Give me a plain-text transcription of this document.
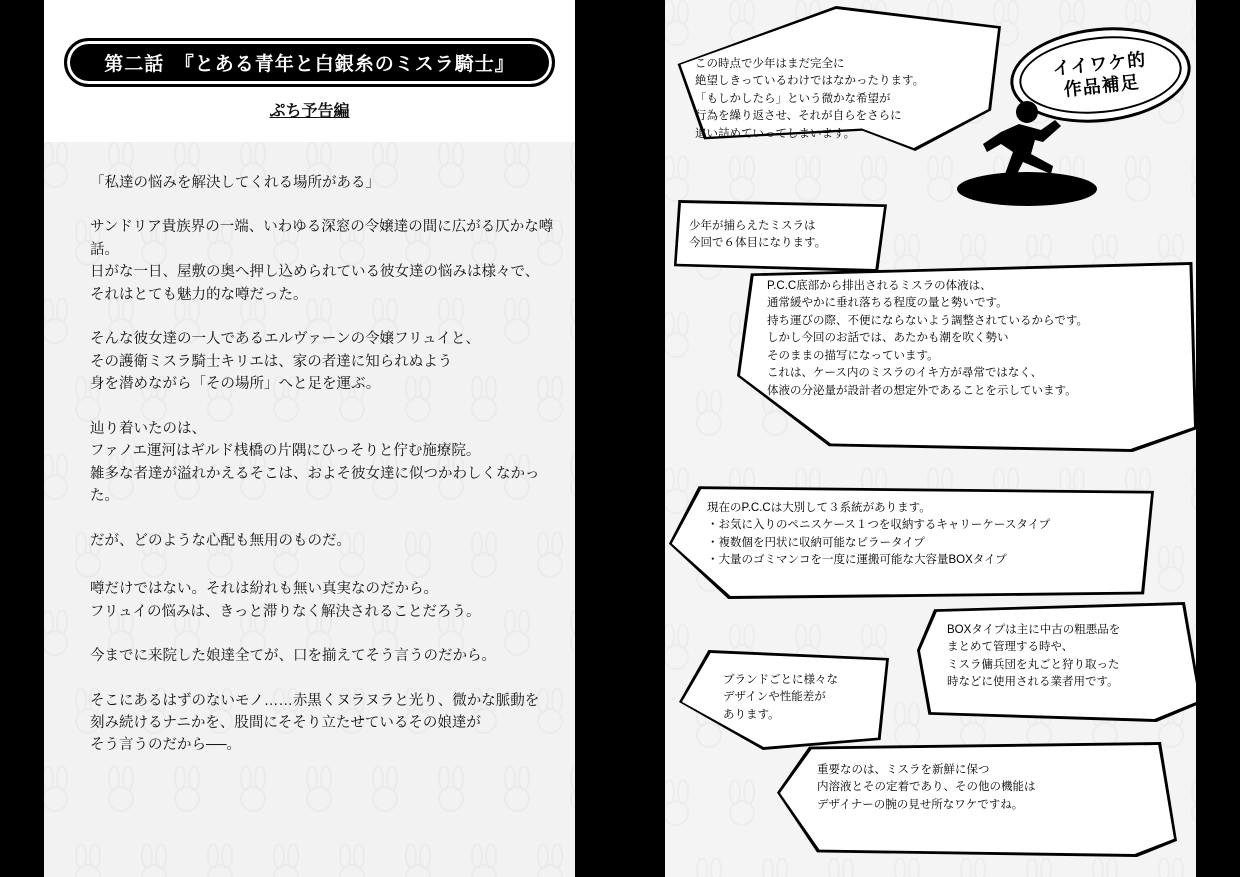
第二話　『とある青年と白銀糸のミスラ騎士』
ぷち予告編

「私達の悩みを解決してくれる場所がある」

サンドリア貴族界の一端、いわゆる深窓の令嬢達の間に広がる仄かな噂話。
日がな一日、屋敷の奥へ押し込められている彼女達の悩みは様々で、
それはとても魅力的な噂だった。

そんな彼女達の一人であるエルヴァーンの令嬢フリュイと、
その護衛ミスラ騎士キリエは、家の者達に知られぬよう
身を潜めながら「その場所」へと足を運ぶ。

辿り着いたのは、
ファノエ運河はギルド桟橋の片隅にひっそりと佇む施療院。
雑多な者達が溢れかえるそこは、およそ彼女達に似つかわしくなかった。

だが、どのような心配も無用のものだ。

噂だけではない。それは紛れも無い真実なのだから。
フリュイの悩みは、きっと滞りなく解決されることだろう。

今までに来院した娘達全てが、口を揃えてそう言うのだから。

そこにあるはずのないモノ……赤黒くヌラヌラと光り、微かな脈動を
刻み続けるナニかを、股間にそそり立たせているその娘達が
そう言うのだから──。

イイワケ的
作品補足
この時点で少年はまだ完全に
絶望しきっているわけではなかったります。
「もしかしたら」という微かな希望が
行為を繰り返させ、それが自らをさらに
追い詰めていってしまいます。
少年が捕らえたミスラは
今回で６体目になります。
P.C.C底部から排出されるミスラの体液は、
通常緩やかに垂れ落ちる程度の量と勢いです。
持ち運びの際、不便にならないよう調整されているからです。
しかし今回のお話では、あたかも潮を吹く勢い
そのままの描写になっています。
これは、ケース内のミスラのイキ方が尋常ではなく、
体液の分泌量が設計者の想定外であることを示しています。
現在のP.C.Cは大別して３系統があります。
・お気に入りのペニスケース１つを収納するキャリーケースタイプ
・複数個を円状に収納可能なピラータイプ
・大量のゴミマンコを一度に運搬可能な大容量BOXタイプ
BOXタイプは主に中古の粗悪品を
まとめて管理する時や、
ミスラ傭兵団を丸ごと狩り取った
時などに使用される業者用です。
ブランドごとに様々な
デザインや性能差が
あります。
重要なのは、ミスラを新鮮に保つ
内溶液とその定着であり、その他の機能は
デザイナーの腕の見せ所なワケですね。
